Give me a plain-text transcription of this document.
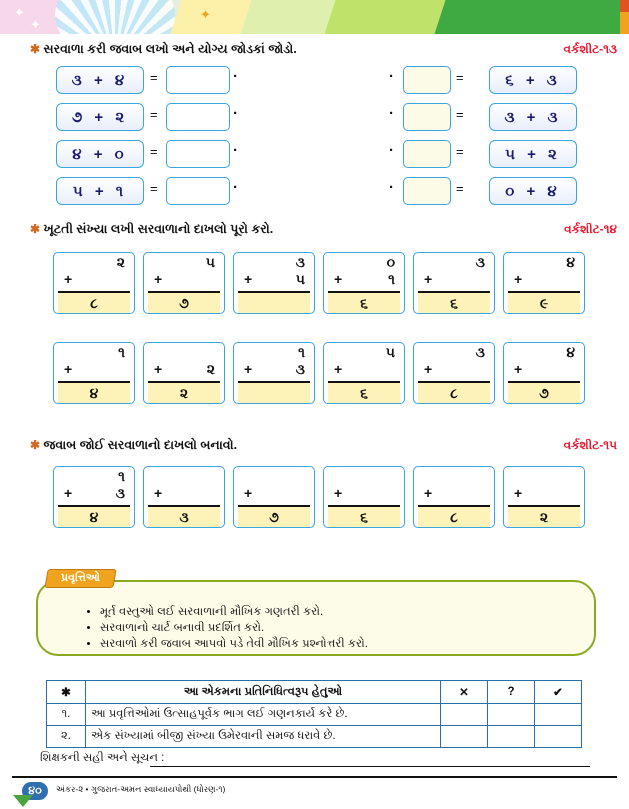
✦
✦
✦
✱ સરવાળા કરી જવાબ લખો અને યોગ્ય જોડકાં જોડો.	વર્કશીટ-૧૩
૩ + ૪	=	·
૭ + ૨	=	·
૪ + ૦	=	·
૫ + ૧	=	·
·	=	૬ + ૩
·	=	૩ + ૩
·	=	૫ + ૨
·	=	૦ + ૪
✱ ખૂટતી સંખ્યા લખી સરવાળાનો દાખલો પૂરો કરો.	વર્કશીટ-૧૪
૨
+
૮
૫
+
૭
૩
+	૫
૦
+	૧
૬
૩
+
૬
૪
+
૯
૧
+
૪
+	૨
૨
૧
+	૩
૫
+
૬
૩
+
૮
૪
+
૭
✱ જવાબ જોઈ સરવાળાનો દાખલો બનાવો.	વર્કશીટ-૧૫
૧
+	૩
૪
+
૩
+
૭
+
૬
+
૮
+
૨
પ્રવૃત્તિઓ
• મૂર્ત વસ્તુઓ લઈ સરવાળાની મૌખિક ગણતરી કરો.
• સરવાળાનો ચાર્ટ બનાવી પ્રદર્શિત કરો.
• સરવાળો કરી જવાબ આપવો પડે તેવી મૌખિક પ્રશ્નોત્તરી કરો.
✱	આ એકમના પ્રતિનિધિત્વરૂપ હેતુઓ	✕	?	✔
૧.	આ પ્રવૃત્તિઓમાં ઉત્સાહપૂર્વક ભાગ લઈ ગણનકાર્ય કરે છે.			
૨.	એક સંખ્યામાં બીજી સંખ્યા ઉમેરવાની સમજ ધરાવે છે.			
શિક્ષકની સહી અને સૂચન :
૪૦	અંકર-૨ • ગુજરાત-અમન સ્વાધ્યાયપોથી (ધોરણ-૧)
